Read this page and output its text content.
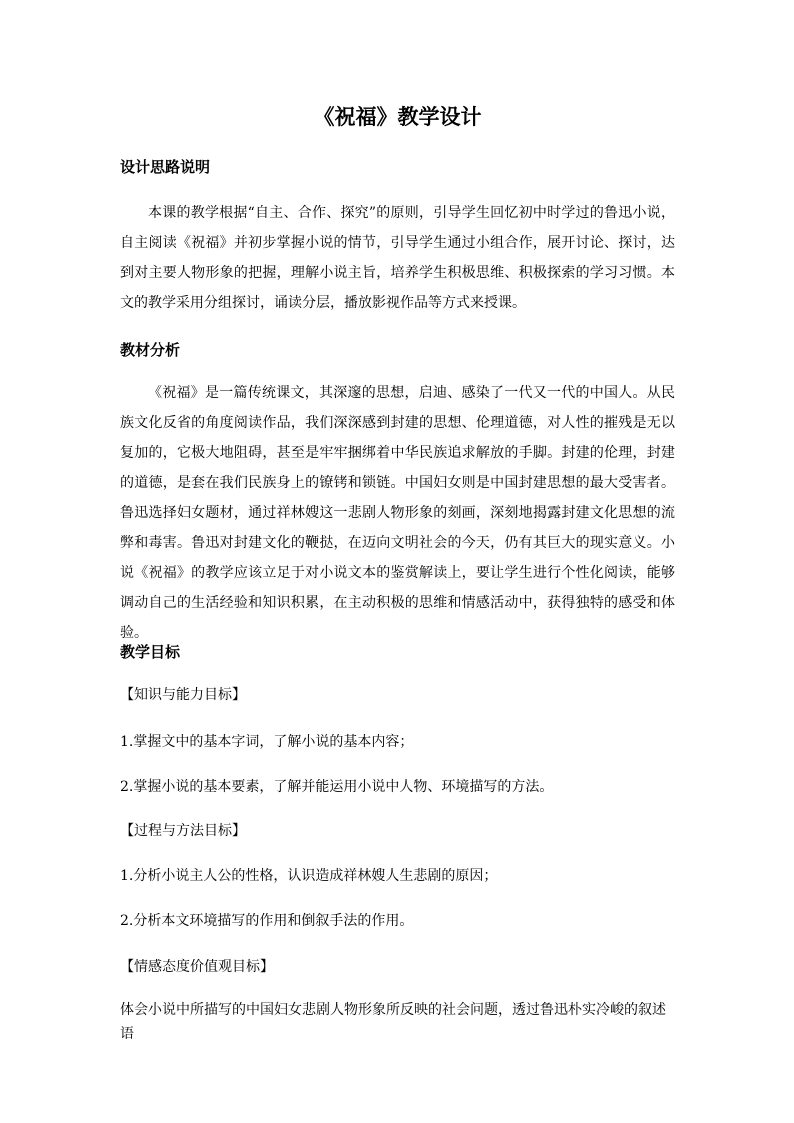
《祝福》教学设计
设计思路说明

本课的教学根据“自主、合作、探究”的原则，引导学生回忆初中时学过的鲁迅小说，自主阅读《祝福》并初步掌握小说的情节，引导学生通过小组合作，展开讨论、探讨，达到对主要人物形象的把握，理解小说主旨，培养学生积极思维、积极探索的学习习惯。本文的教学采用分组探讨，诵读分层，播放影视作品等方式来授课。

教材分析

《祝福》是一篇传统课文，其深邃的思想，启迪、感染了一代又一代的中国人。从民族文化反省的角度阅读作品，我们深深感到封建的思想、伦理道德，对人性的摧残是无以复加的，它极大地阻碍，甚至是牢牢捆绑着中华民族追求解放的手脚。封建的伦理，封建的道德，是套在我们民族身上的镣铐和锁链。中国妇女则是中国封建思想的最大受害者。鲁迅选择妇女题材，通过祥林嫂这一悲剧人物形象的刻画，深刻地揭露封建文化思想的流弊和毒害。鲁迅对封建文化的鞭挞，在迈向文明社会的今天，仍有其巨大的现实意义。小说《祝福》的教学应该立足于对小说文本的鉴赏解读上，要让学生进行个性化阅读，能够调动自己的生活经验和知识积累，在主动积极的思维和情感活动中，获得独特的感受和体验。

教学目标
【知识与能力目标】
1.掌握文中的基本字词，了解小说的基本内容；
2.掌握小说的基本要素，了解并能运用小说中人物、环境描写的方法。
【过程与方法目标】
1.分析小说主人公的性格，认识造成祥林嫂人生悲剧的原因；
2.分析本文环境描写的作用和倒叙手法的作用。
【情感态度价值观目标】
体会小说中所描写的中国妇女悲剧人物形象所反映的社会问题，透过鲁迅朴实冷峻的叙述语
